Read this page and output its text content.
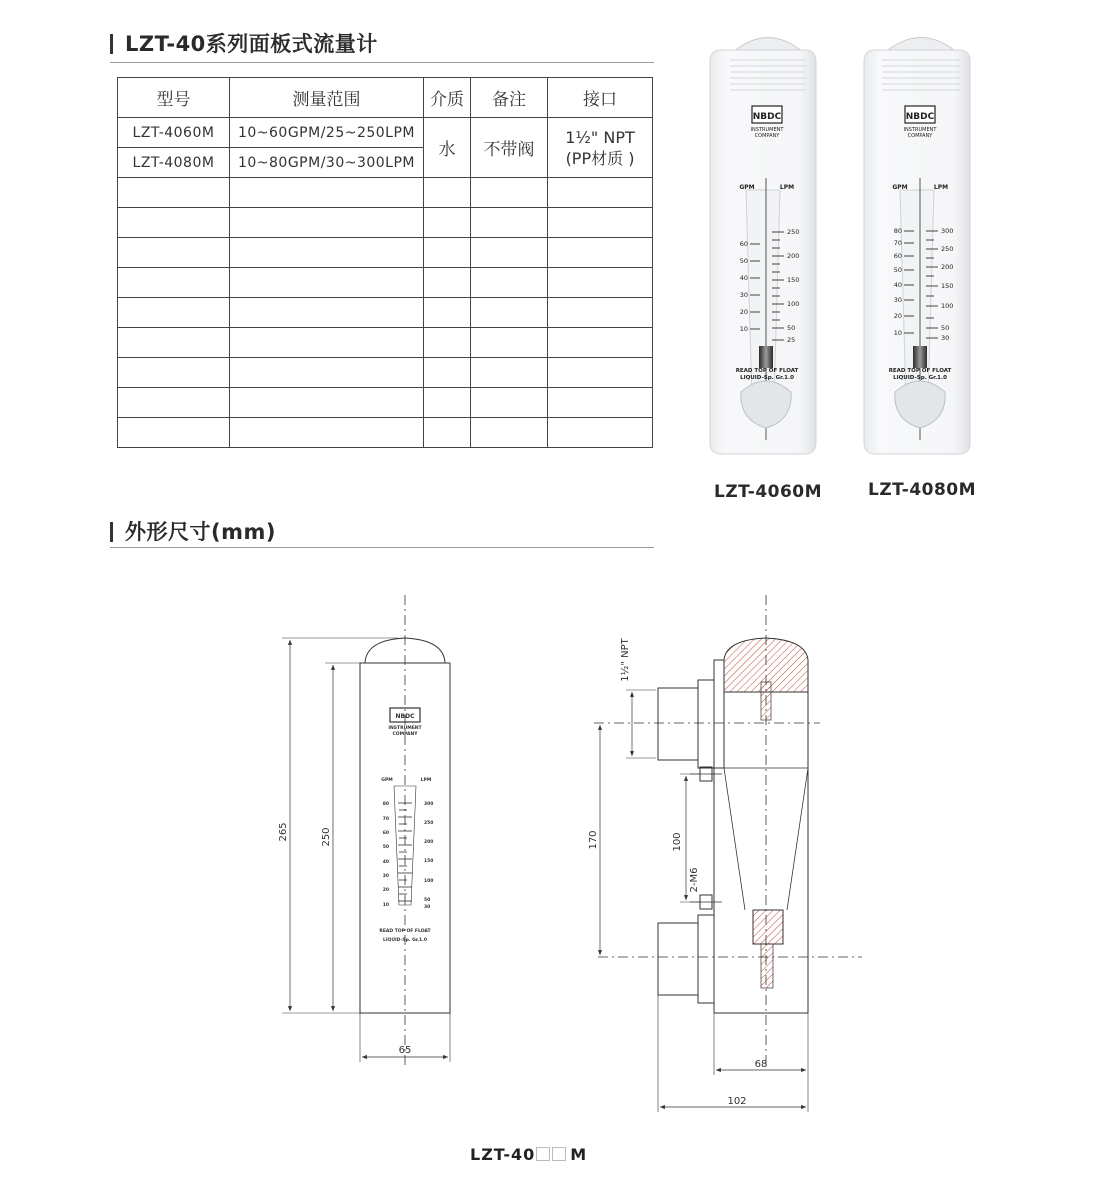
LZT-40系列面板式流量计
型号	测量范围	介质	备注	接口
LZT-4060M	10~60GPM/25~250LPM	水	不带阀	1½" NPT
(PP材质 )

LZT-4080M	10~80GPM/30~300LPM			

NBDC
INSTRUMENT
COMPANY
GPM	LPM
60
50
40
30
20
10
250
200
150
100
50
25
READ TOP OF FLOAT
LIQUID-Sp. Gr.1.0
NBDC
INSTRUMENT
COMPANY
GPM	LPM
80
70
60
50
40
30
20
10
300
250
200
150
100
50
30
READ TOP OF FLOAT
LIQUID-Sp. Gr.1.0
LZT-4060M	LZT-4080M
外形尺寸(mm)
265	250
65
NBDC
INSTRUMENT
COMPANY
GPM	LPM
80
70
60
50
40
30
20
10
300
250
200
150
100
50
30
READ TOP OF FLOAT
LIQUID-Sp. Gr.1.0
1½" NPT
170	100
2-M6
68
102
LZT-40 M
